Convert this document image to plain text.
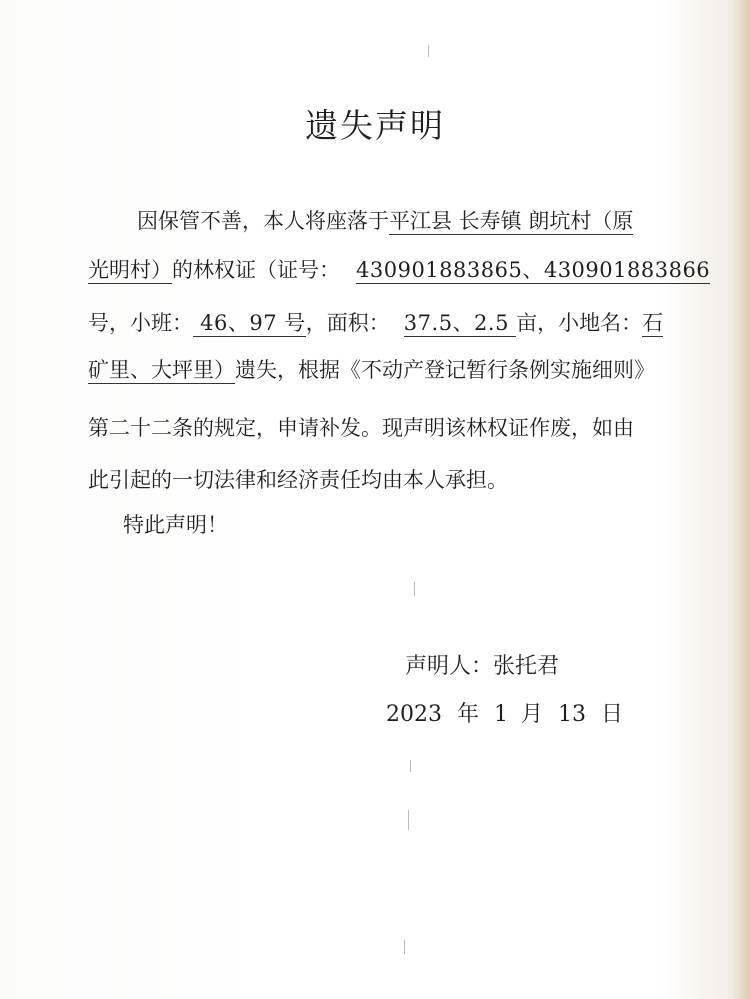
遗失声明
因保管不善，本人将座落于平江县 长寿镇 朗坑村（原
光明村）的林权证（证号： 430901883865、430901883866
号，小班： 46、97 号，面积： 37.5、2.5 亩，小地名：石
矿里、大坪里）遗失，根据《不动产登记暂行条例实施细则》
第二十二条的规定，申请补发。现声明该林权证作废，如由
此引起的一切法律和经济责任均由本人承担。
特此声明！
声明人：张托君
2023 年 1 月 13 日
